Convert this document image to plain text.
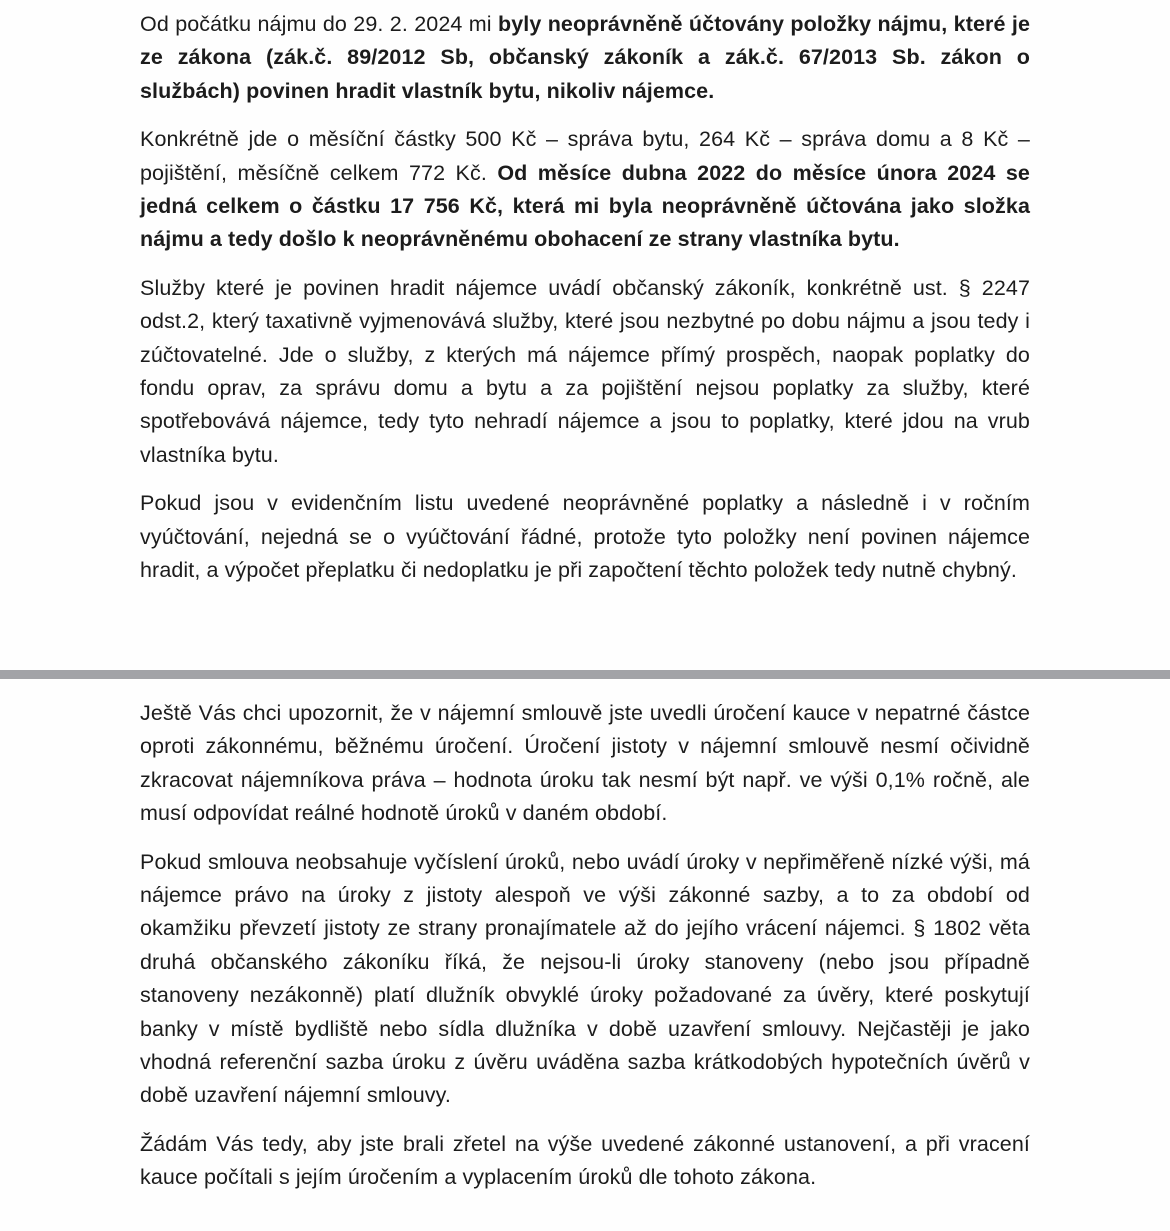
Od počátku nájmu do 29. 2. 2024 mi byly neoprávněně účtovány položky nájmu, které je ze zákona (zák.č. 89/2012 Sb, občanský zákoník a zák.č. 67/2013 Sb. zákon o službách) povinen hradit vlastník bytu, nikoliv nájemce.

Konkrétně jde o měsíční částky 500 Kč – správa bytu, 264 Kč – správa domu a 8 Kč – pojištění, měsíčně celkem 772 Kč. Od měsíce dubna 2022 do měsíce února 2024 se jedná celkem o částku 17 756 Kč, která mi byla neoprávněně účtována jako složka nájmu a tedy došlo k neoprávněnému obohacení ze strany vlastníka bytu.

Služby které je povinen hradit nájemce uvádí občanský zákoník, konkrétně ust. § 2247 odst.2, který taxativně vyjmenovává služby, které jsou nezbytné po dobu nájmu a jsou tedy i zúčtovatelné. Jde o služby, z kterých má nájemce přímý prospěch, naopak poplatky do fondu oprav, za správu domu a bytu a za pojištění nejsou poplatky za služby, které spotřebovává nájemce, tedy tyto nehradí nájemce a jsou to poplatky, které jdou na vrub vlastníka bytu.

Pokud jsou v evidenčním listu uvedené neoprávněné poplatky a následně i v ročním vyúčtování, nejedná se o vyúčtování řádné, protože tyto položky není povinen nájemce hradit, a výpočet přeplatku či nedoplatku je při započtení těchto položek tedy nutně chybný.

Ještě Vás chci upozornit, že v nájemní smlouvě jste uvedli úročení kauce v nepatrné částce oproti zákonnému, běžnému úročení. Úročení jistoty v nájemní smlouvě nesmí očividně zkracovat nájemníkova práva – hodnota úroku tak nesmí být např. ve výši 0,1% ročně, ale musí odpovídat reálné hodnotě úroků v daném období.

Pokud smlouva neobsahuje vyčíslení úroků, nebo uvádí úroky v nepřiměřeně nízké výši, má nájemce právo na úroky z jistoty alespoň ve výši zákonné sazby, a to za období od okamžiku převzetí jistoty ze strany pronajímatele až do jejího vrácení nájemci. § 1802 věta druhá občanského zákoníku říká, že nejsou-li úroky stanoveny (nebo jsou případně stanoveny nezákonně) platí dlužník obvyklé úroky požadované za úvěry, které poskytují banky v místě bydliště nebo sídla dlužníka v době uzavření smlouvy. Nejčastěji je jako vhodná referenční sazba úroku z úvěru uváděna sazba krátkodobých hypotečních úvěrů v době uzavření nájemní smlouvy.

Žádám Vás tedy, aby jste brali zřetel na výše uvedené zákonné ustanovení, a při vracení kauce počítali s jejím úročením a vyplacením úroků dle tohoto zákona.
